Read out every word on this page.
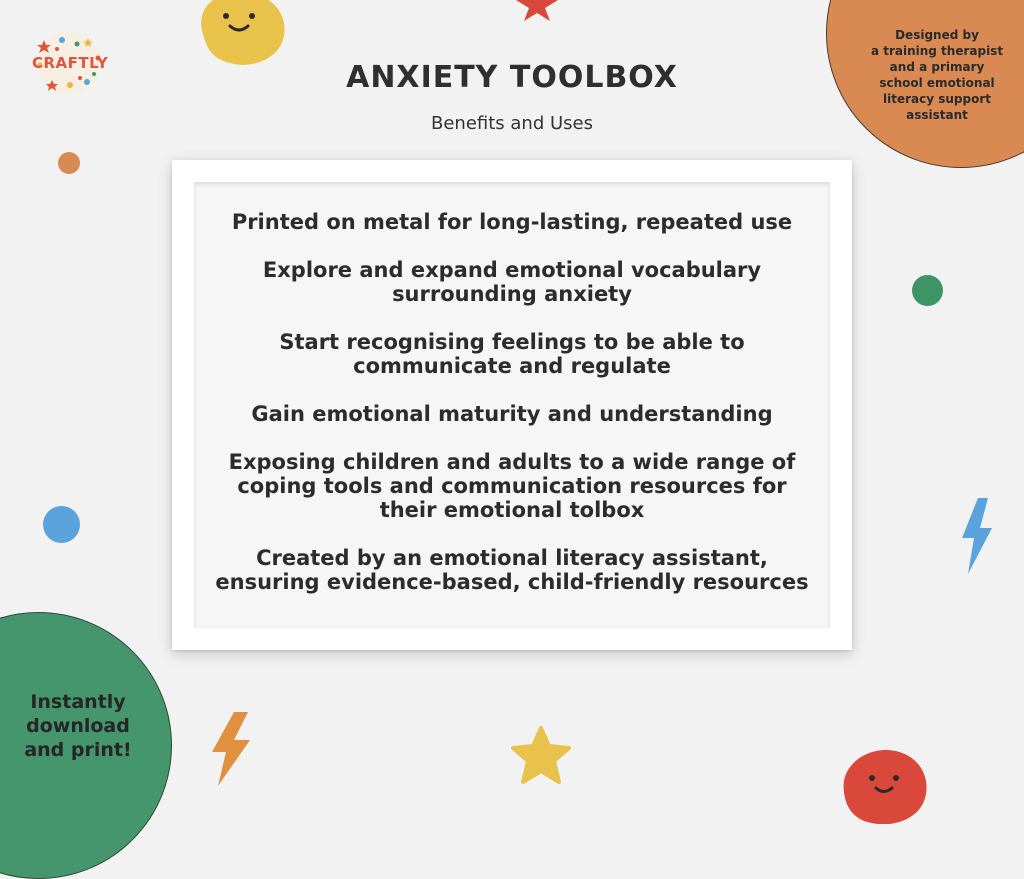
CRAFTLY	ANXIETY TOOLBOX
Benefits and Uses
Designed by
a training therapist
and a primary
school emotional
literacy support
assistant
Printed on metal for long-lasting, repeated use
Explore and expand emotional vocabulary
surrounding anxiety
Start recognising feelings to be able to
communicate and regulate
Gain emotional maturity and understanding
Exposing children and adults to a wide range of
coping tools and communication resources for
their emotional tolbox
Created by an emotional literacy assistant,
ensuring evidence-based, child-friendly resources
Instantly
download
and print!
